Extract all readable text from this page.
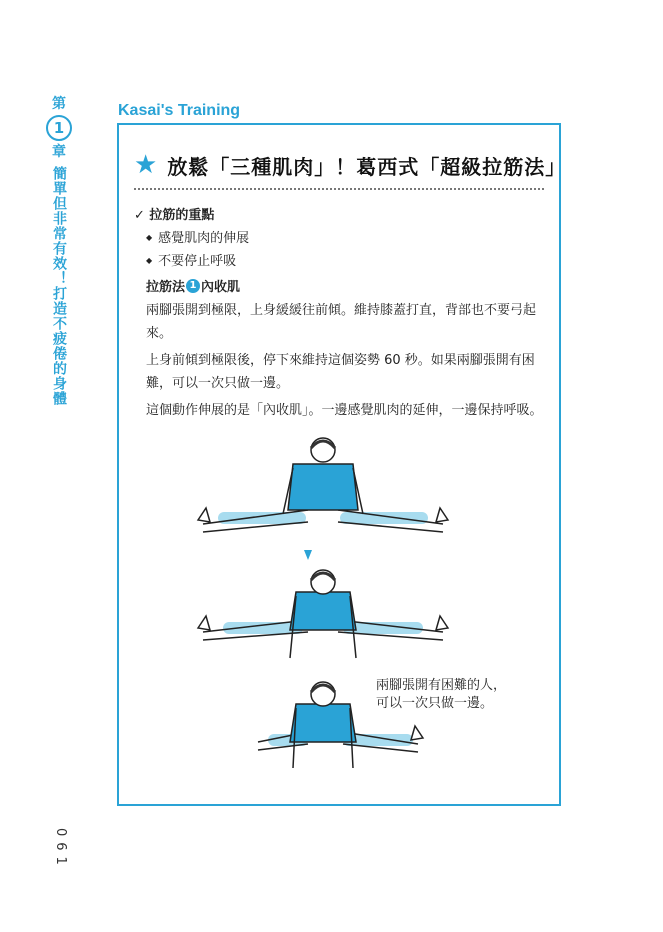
第
1
章
簡單但非常有效！打造不疲倦的身體
061
Kasai's Training
★ 放鬆「三種肌肉」！葛西式「超級拉筋法」
✓ 拉筋的重點
◆ 感覺肌肉的伸展
◆ 不要停止呼吸
拉筋法 1 內收肌

兩腳張開到極限，上身緩緩往前傾。維持膝蓋打直，背部也不要弓起來。

上身前傾到極限後，停下來維持這個姿勢 60 秒。如果兩腳張開有困難，可以一次只做一邊。

這個動作伸展的是「內收肌」。一邊感覺肌肉的延伸，一邊保持呼吸。

兩腳張開有困難的人，
可以一次只做一邊。
